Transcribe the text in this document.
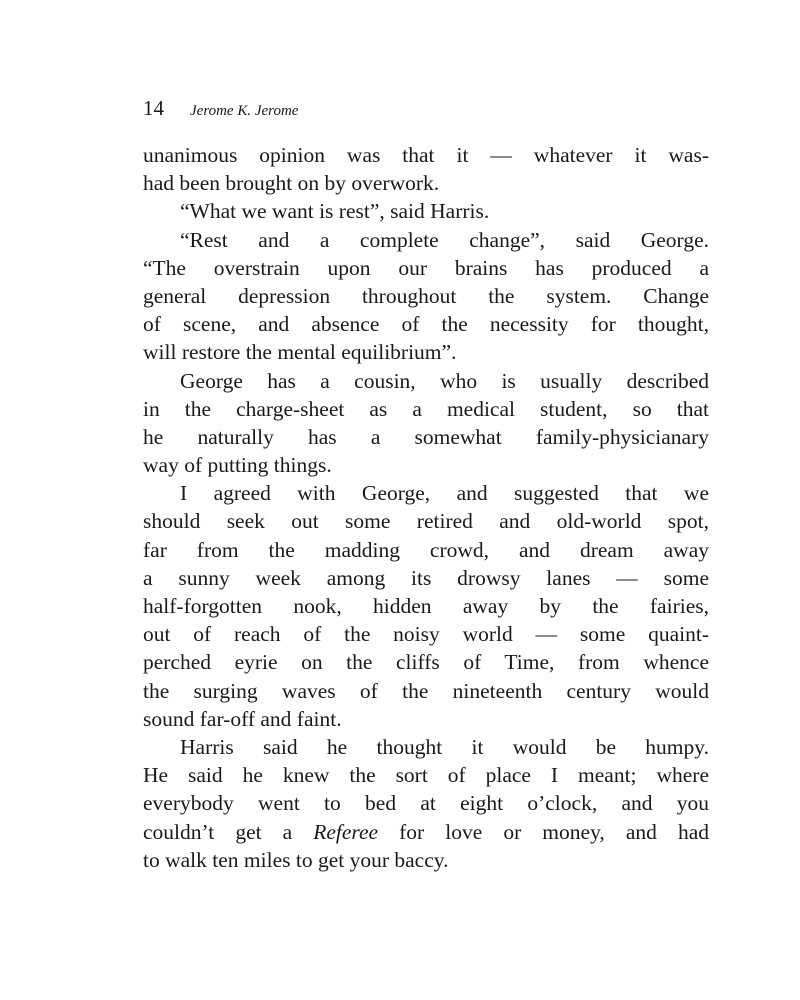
14 Jerome K. Jerome
unanimous opinion was that it — whatever it was-
had been brought on by overwork.
“What we want is rest”, said Harris.
“Rest and a complete change”, said George.
“The overstrain upon our brains has produced a
general depression throughout the system. Change
of scene, and absence of the necessity for thought,
will restore the mental equilibrium”.
George has a cousin, who is usually described
in the charge-sheet as a medical student, so that
he naturally has a somewhat family-physicianary
way of putting things.
I agreed with George, and suggested that we
should seek out some retired and old-world spot,
far from the madding crowd, and dream away
a sunny week among its drowsy lanes — some
half-forgotten nook, hidden away by the fairies,
out of reach of the noisy world — some quaint-
perched eyrie on the cliffs of Time, from whence
the surging waves of the nineteenth century would
sound far-off and faint.
Harris said he thought it would be humpy.
He said he knew the sort of place I meant; where
everybody went to bed at eight o’clock, and you
couldn’t get a Referee for love or money, and had
to walk ten miles to get your baccy.
